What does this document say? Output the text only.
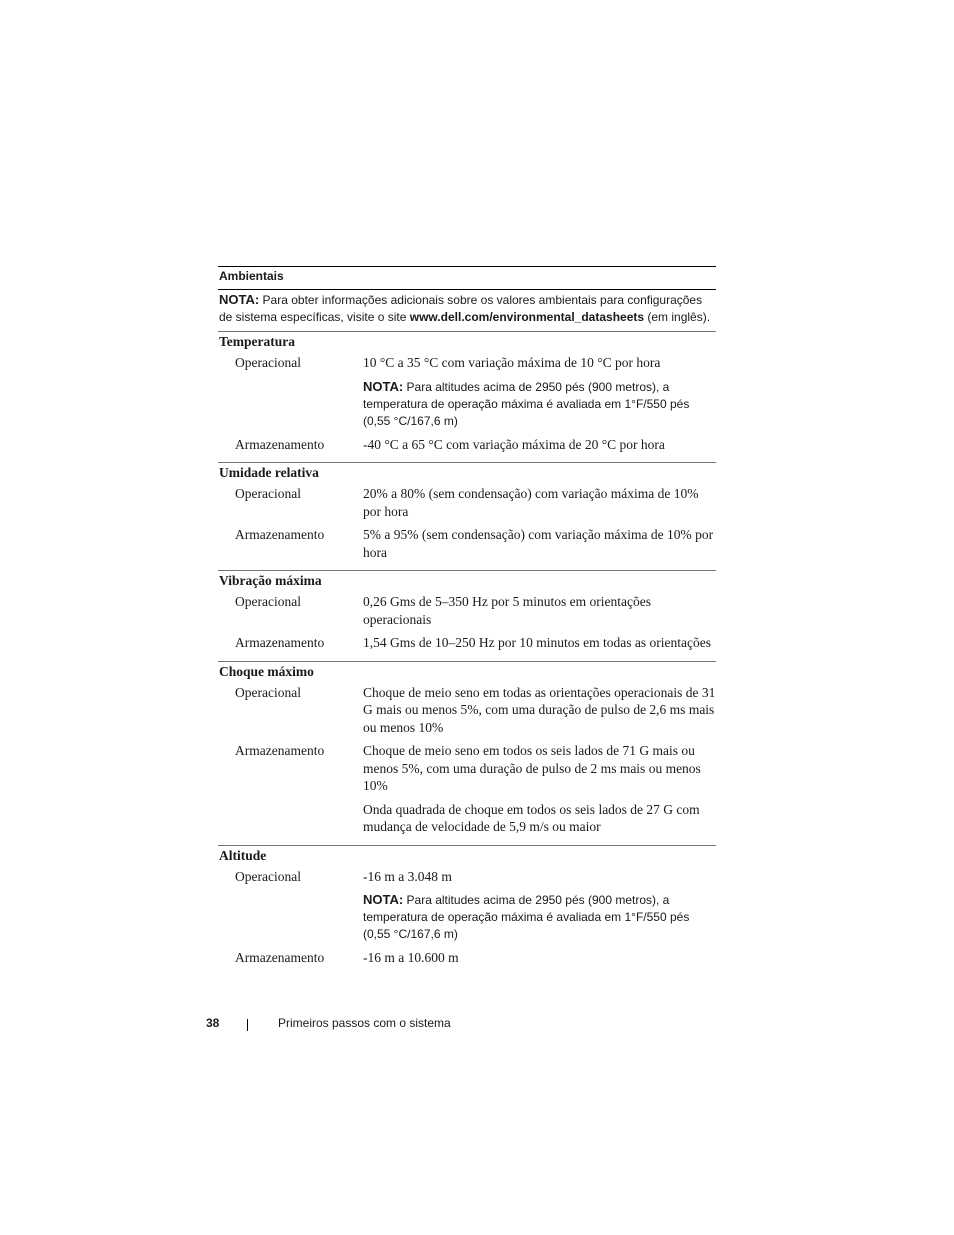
Ambientais
NOTA: Para obter informações adicionais sobre os valores ambientais para configurações de sistema específicas, visite o site www.dell.com/environmental_datasheets (em inglês).
Temperatura
Operacional	10 °C a 35 °C com variação máxima de 10 °C por hora

NOTA: Para altitudes acima de 2950 pés (900 metros), a temperatura de operação máxima é avaliada em 1°F/550 pés (0,55 °C/167,6 m)
Armazenamento	-40 °C a 65 °C com variação máxima de 20 °C por hora

Umidade relativa
Operacional	20% a 80% (sem condensação) com variação máxima de 10% por hora

Armazenamento	5% a 95% (sem condensação) com variação máxima de 10% por hora

Vibração máxima
Operacional	0,26 Gms de 5–350 Hz por 5 minutos em orientações operacionais

Armazenamento	1,54 Gms de 10–250 Hz por 10 minutos em todas as orientações

Choque máximo
Operacional	Choque de meio seno em todas as orientações operacionais de 31 G mais ou menos 5%, com uma duração de pulso de 2,6 ms mais ou menos 10%

Armazenamento	Choque de meio seno em todos os seis lados de 71 G mais ou menos 5%, com uma duração de pulso de 2 ms mais ou menos 10%

Onda quadrada de choque em todos os seis lados de 27 G com mudança de velocidade de 5,9 m/s ou maior

Altitude
Operacional	-16 m a 3.048 m

NOTA: Para altitudes acima de 2950 pés (900 metros), a temperatura de operação máxima é avaliada em 1°F/550 pés (0,55 °C/167,6 m)
Armazenamento	-16 m a 10.600 m

38	Primeiros passos com o sistema
